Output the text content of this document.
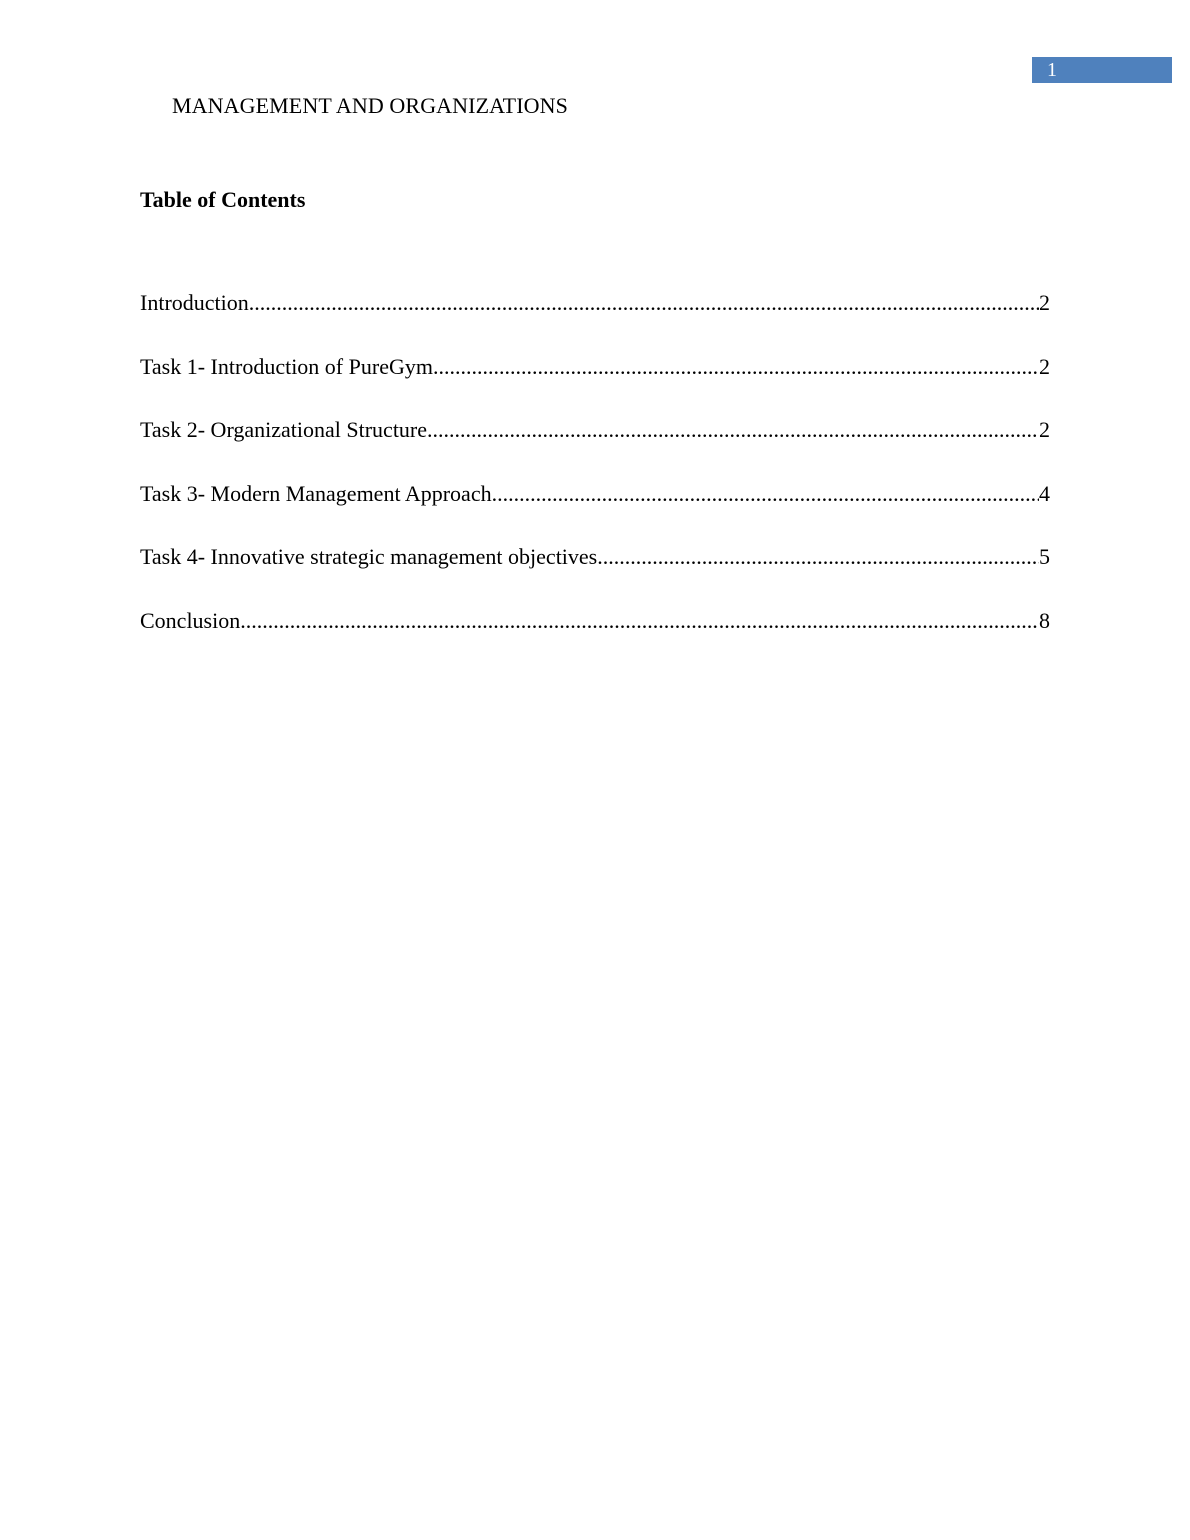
1
MANAGEMENT AND ORGANIZATIONS
Table of Contents
Introduction .....	2
Task 1- Introduction of PureGym .....	2
Task 2- Organizational Structure .....	2
Task 3- Modern Management Approach .....	4
Task 4- Innovative strategic management objectives .....	5
Conclusion .....	8
